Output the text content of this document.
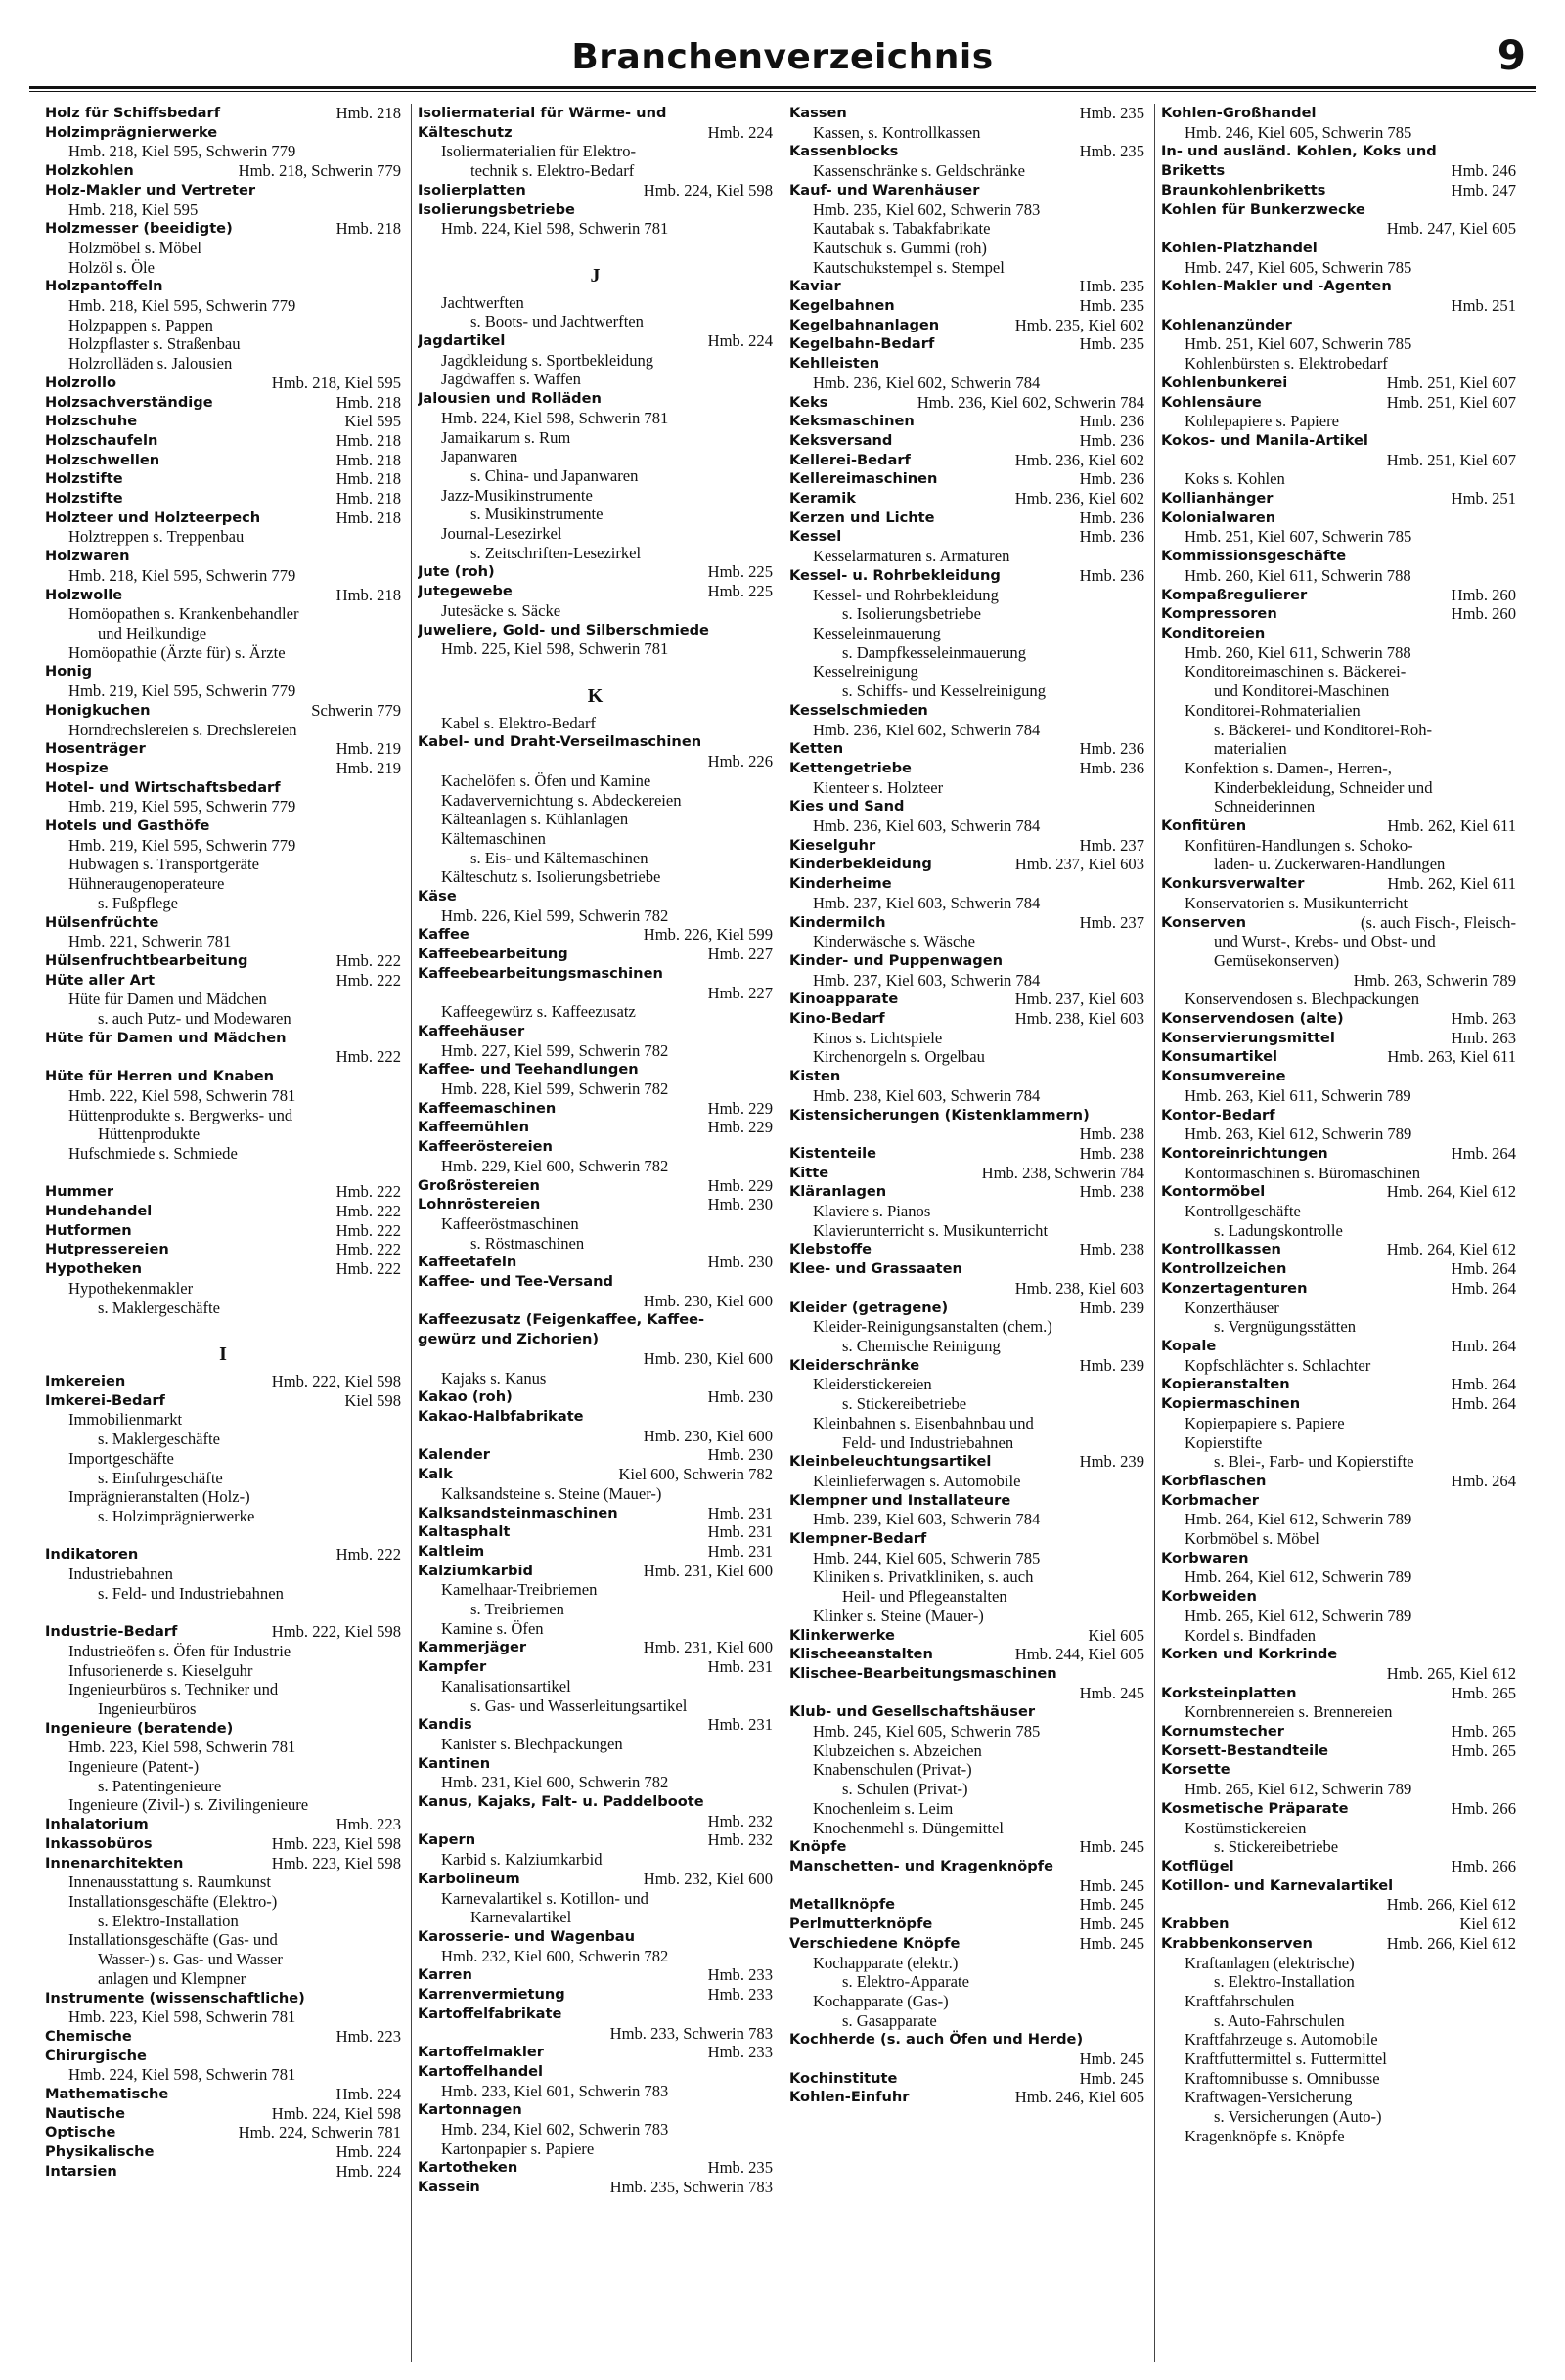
Branchenverzeichnis	9
Holz für Schiffsbedarf	Hmb. 218
Holzimprägnierwerke
Hmb. 218, Kiel 595, Schwerin 779
Holzkohlen	Hmb. 218, Schwerin 779
Holz-Makler und Vertreter
Hmb. 218, Kiel 595
Holzmesser (beeidigte)	Hmb. 218
Holzmöbel s. Möbel
Holzöl s. Öle
Holzpantoffeln
Hmb. 218, Kiel 595, Schwerin 779
Holzpappen s. Pappen
Holzpflaster s. Straßenbau
Holzrolläden s. Jalousien
Holzrollo	Hmb. 218, Kiel 595
Holzsachverständige	Hmb. 218
Holzschuhe	Kiel 595
Holzschaufeln	Hmb. 218
Holzschwellen	Hmb. 218
Holzstifte	Hmb. 218
Holzstifte	Hmb. 218
Holzteer und Holzteerpech	Hmb. 218
Holztreppen s. Treppenbau
Holzwaren
Hmb. 218, Kiel 595, Schwerin 779
Holzwolle	Hmb. 218
Homöopathen s. Krankenbehandler
und Heilkundige
Homöopathie (Ärzte für) s. Ärzte
Honig
Hmb. 219, Kiel 595, Schwerin 779
Honigkuchen	Schwerin 779
Horndrechslereien s. Drechslereien
Hosenträger	Hmb. 219
Hospize	Hmb. 219
Hotel- und Wirtschaftsbedarf
Hmb. 219, Kiel 595, Schwerin 779
Hotels und Gasthöfe
Hmb. 219, Kiel 595, Schwerin 779
Hubwagen s. Transportgeräte
Hühneraugenoperateure
s. Fußpflege
Hülsenfrüchte
Hmb. 221, Schwerin 781
Hülsenfruchtbearbeitung	Hmb. 222
Hüte aller Art	Hmb. 222
Hüte für Damen und Mädchen
s. auch Putz- und Modewaren
Hüte für Damen und Mädchen
Hmb. 222
Hüte für Herren und Knaben
Hmb. 222, Kiel 598, Schwerin 781
Hüttenprodukte s. Bergwerks- und
Hüttenprodukte
Hufschmiede s. Schmiede

Hummer	Hmb. 222
Hundehandel	Hmb. 222
Hutformen	Hmb. 222
Hutpressereien	Hmb. 222
Hypotheken	Hmb. 222
Hypothekenmakler
s. Maklergeschäfte

I
Imkereien	Hmb. 222, Kiel 598
Imkerei-Bedarf	Kiel 598
Immobilienmarkt
s. Maklergeschäfte
Importgeschäfte
s. Einfuhrgeschäfte
Imprägnieranstalten (Holz-)
s. Holzimprägnierwerke

Indikatoren	Hmb. 222
Industriebahnen
s. Feld- und Industriebahnen

Industrie-Bedarf	Hmb. 222, Kiel 598
Industrieöfen s. Öfen für Industrie
Infusorienerde s. Kieselguhr
Ingenieurbüros s. Techniker und
Ingenieurbüros
Ingenieure (beratende)
Hmb. 223, Kiel 598, Schwerin 781
Ingenieure (Patent-)
s. Patentingenieure
Ingenieure (Zivil-) s. Zivilingenieure
Inhalatorium	Hmb. 223
Inkassobüros	Hmb. 223, Kiel 598
Innenarchitekten	Hmb. 223, Kiel 598
Innenausstattung s. Raumkunst
Installationsgeschäfte (Elektro-)
s. Elektro-Installation
Installationsgeschäfte (Gas- und
Wasser-) s. Gas- und Wasser
anlagen und Klempner
Instrumente (wissenschaftliche)
Hmb. 223, Kiel 598, Schwerin 781
Chemische	Hmb. 223
Chirurgische
Hmb. 224, Kiel 598, Schwerin 781
Mathematische	Hmb. 224
Nautische	Hmb. 224, Kiel 598
Optische	Hmb. 224, Schwerin 781
Physikalische	Hmb. 224
Intarsien	Hmb. 224
Isoliermaterial für Wärme- und
Kälteschutz	Hmb. 224
Isoliermaterialien für Elektro-
technik s. Elektro-Bedarf
Isolierplatten	Hmb. 224, Kiel 598
Isolierungsbetriebe
Hmb. 224, Kiel 598, Schwerin 781

J
Jachtwerften
s. Boots- und Jachtwerften
Jagdartikel	Hmb. 224
Jagdkleidung s. Sportbekleidung
Jagdwaffen s. Waffen
Jalousien und Rolläden
Hmb. 224, Kiel 598, Schwerin 781
Jamaikarum s. Rum
Japanwaren
s. China- und Japanwaren
Jazz-Musikinstrumente
s. Musikinstrumente
Journal-Lesezirkel
s. Zeitschriften-Lesezirkel
Jute (roh)	Hmb. 225
Jutegewebe	Hmb. 225
Jutesäcke s. Säcke
Juweliere, Gold- und Silberschmiede
Hmb. 225, Kiel 598, Schwerin 781

K
Kabel s. Elektro-Bedarf
Kabel- und Draht-Verseilmaschinen
Hmb. 226
Kachelöfen s. Öfen und Kamine
Kadaververnichtung s. Abdeckereien
Kälteanlagen s. Kühlanlagen
Kältemaschinen
s. Eis- und Kältemaschinen
Kälteschutz s. Isolierungsbetriebe
Käse
Hmb. 226, Kiel 599, Schwerin 782
Kaffee	Hmb. 226, Kiel 599
Kaffeebearbeitung	Hmb. 227
Kaffeebearbeitungsmaschinen
Hmb. 227
Kaffeegewürz s. Kaffeezusatz
Kaffeehäuser
Hmb. 227, Kiel 599, Schwerin 782
Kaffee- und Teehandlungen
Hmb. 228, Kiel 599, Schwerin 782
Kaffeemaschinen	Hmb. 229
Kaffeemühlen	Hmb. 229
Kaffeeröstereien
Hmb. 229, Kiel 600, Schwerin 782
Großröstereien	Hmb. 229
Lohnröstereien	Hmb. 230
Kaffeeröstmaschinen
s. Röstmaschinen
Kaffeetafeln	Hmb. 230
Kaffee- und Tee-Versand
Hmb. 230, Kiel 600
Kaffeezusatz (Feigenkaffee, Kaffee-
gewürz und Zichorien)
Hmb. 230, Kiel 600
Kajaks s. Kanus
Kakao (roh)	Hmb. 230
Kakao-Halbfabrikate
Hmb. 230, Kiel 600
Kalender	Hmb. 230
Kalk	Kiel 600, Schwerin 782
Kalksandsteine s. Steine (Mauer-)
Kalksandsteinmaschinen	Hmb. 231
Kaltasphalt	Hmb. 231
Kaltleim	Hmb. 231
Kalziumkarbid	Hmb. 231, Kiel 600
Kamelhaar-Treibriemen
s. Treibriemen
Kamine s. Öfen
Kammerjäger	Hmb. 231, Kiel 600
Kampfer	Hmb. 231
Kanalisationsartikel
s. Gas- und Wasserleitungsartikel
Kandis	Hmb. 231
Kanister s. Blechpackungen
Kantinen
Hmb. 231, Kiel 600, Schwerin 782
Kanus, Kajaks, Falt- u. Paddelboote
Hmb. 232
Kapern	Hmb. 232
Karbid s. Kalziumkarbid
Karbolineum	Hmb. 232, Kiel 600
Karnevalartikel s. Kotillon- und
Karnevalartikel
Karosserie- und Wagenbau
Hmb. 232, Kiel 600, Schwerin 782
Karren	Hmb. 233
Karrenvermietung	Hmb. 233
Kartoffelfabrikate
Hmb. 233, Schwerin 783
Kartoffelmakler	Hmb. 233
Kartoffelhandel
Hmb. 233, Kiel 601, Schwerin 783
Kartonnagen
Hmb. 234, Kiel 602, Schwerin 783
Kartonpapier s. Papiere
Kartotheken	Hmb. 235
Kassein	Hmb. 235, Schwerin 783
Kassen	Hmb. 235
Kassen, s. Kontrollkassen
Kassenblocks	Hmb. 235
Kassenschränke s. Geldschränke
Kauf- und Warenhäuser
Hmb. 235, Kiel 602, Schwerin 783
Kautabak s. Tabakfabrikate
Kautschuk s. Gummi (roh)
Kautschukstempel s. Stempel
Kaviar	Hmb. 235
Kegelbahnen	Hmb. 235
Kegelbahnanlagen	Hmb. 235, Kiel 602
Kegelbahn-Bedarf	Hmb. 235
Kehlleisten
Hmb. 236, Kiel 602, Schwerin 784
Keks	Hmb. 236, Kiel 602, Schwerin 784
Keksmaschinen	Hmb. 236
Keksversand	Hmb. 236
Kellerei-Bedarf	Hmb. 236, Kiel 602
Kellereimaschinen	Hmb. 236
Keramik	Hmb. 236, Kiel 602
Kerzen und Lichte	Hmb. 236
Kessel	Hmb. 236
Kesselarmaturen s. Armaturen
Kessel- u. Rohrbekleidung	Hmb. 236
Kessel- und Rohrbekleidung
s. Isolierungsbetriebe
Kesseleinmauerung
s. Dampfkesseleinmauerung
Kesselreinigung
s. Schiffs- und Kesselreinigung
Kesselschmieden
Hmb. 236, Kiel 602, Schwerin 784
Ketten	Hmb. 236
Kettengetriebe	Hmb. 236
Kienteer s. Holzteer
Kies und Sand
Hmb. 236, Kiel 603, Schwerin 784
Kieselguhr	Hmb. 237
Kinderbekleidung	Hmb. 237, Kiel 603
Kinderheime
Hmb. 237, Kiel 603, Schwerin 784
Kindermilch	Hmb. 237
Kinderwäsche s. Wäsche
Kinder- und Puppenwagen
Hmb. 237, Kiel 603, Schwerin 784
Kinoapparate	Hmb. 237, Kiel 603
Kino-Bedarf	Hmb. 238, Kiel 603
Kinos s. Lichtspiele
Kirchenorgeln s. Orgelbau
Kisten
Hmb. 238, Kiel 603, Schwerin 784
Kistensicherungen (Kistenklammern)
Hmb. 238
Kistenteile	Hmb. 238
Kitte	Hmb. 238, Schwerin 784
Kläranlagen	Hmb. 238
Klaviere s. Pianos
Klavierunterricht s. Musikunterricht
Klebstoffe	Hmb. 238
Klee- und Grassaaten
Hmb. 238, Kiel 603
Kleider (getragene)	Hmb. 239
Kleider-Reinigungsanstalten (chem.)
s. Chemische Reinigung
Kleiderschränke	Hmb. 239
Kleiderstickereien
s. Stickereibetriebe
Kleinbahnen s. Eisenbahnbau und
Feld- und Industriebahnen
Kleinbeleuchtungsartikel	Hmb. 239
Kleinlieferwagen s. Automobile
Klempner und Installateure
Hmb. 239, Kiel 603, Schwerin 784
Klempner-Bedarf
Hmb. 244, Kiel 605, Schwerin 785
Kliniken s. Privatkliniken, s. auch
Heil- und Pflegeanstalten
Klinker s. Steine (Mauer-)
Klinkerwerke	Kiel 605
Klischeeanstalten	Hmb. 244, Kiel 605
Klischee-Bearbeitungsmaschinen
Hmb. 245
Klub- und Gesellschaftshäuser
Hmb. 245, Kiel 605, Schwerin 785
Klubzeichen s. Abzeichen
Knabenschulen (Privat-)
s. Schulen (Privat-)
Knochenleim s. Leim
Knochenmehl s. Düngemittel
Knöpfe	Hmb. 245
Manschetten- und Kragenknöpfe
Hmb. 245
Metallknöpfe	Hmb. 245
Perlmutterknöpfe	Hmb. 245
Verschiedene Knöpfe	Hmb. 245
Kochapparate (elektr.)
s. Elektro-Apparate
Kochapparate (Gas-)
s. Gasapparate
Kochherde (s. auch Öfen und Herde)
Hmb. 245
Kochinstitute	Hmb. 245
Kohlen-Einfuhr	Hmb. 246, Kiel 605
Kohlen-Großhandel
Hmb. 246, Kiel 605, Schwerin 785
In- und ausländ. Kohlen, Koks und
Briketts	Hmb. 246
Braunkohlenbriketts	Hmb. 247
Kohlen für Bunkerzwecke
Hmb. 247, Kiel 605
Kohlen-Platzhandel
Hmb. 247, Kiel 605, Schwerin 785
Kohlen-Makler und -Agenten
Hmb. 251
Kohlenanzünder
Hmb. 251, Kiel 607, Schwerin 785
Kohlenbürsten s. Elektrobedarf
Kohlenbunkerei	Hmb. 251, Kiel 607
Kohlensäure	Hmb. 251, Kiel 607
Kohlepapiere s. Papiere
Kokos- und Manila-Artikel
Hmb. 251, Kiel 607
Koks s. Kohlen
Kollianhänger	Hmb. 251
Kolonialwaren
Hmb. 251, Kiel 607, Schwerin 785
Kommissionsgeschäfte
Hmb. 260, Kiel 611, Schwerin 788
Kompaßregulierer	Hmb. 260
Kompressoren	Hmb. 260
Konditoreien
Hmb. 260, Kiel 611, Schwerin 788
Konditoreimaschinen s. Bäckerei-
und Konditorei-Maschinen
Konditorei-Rohmaterialien
s. Bäckerei- und Konditorei-Roh-
materialien
Konfektion s. Damen-, Herren-,
Kinderbekleidung, Schneider und
Schneiderinnen
Konfitüren	Hmb. 262, Kiel 611
Konfitüren-Handlungen s. Schoko-
laden- u. Zuckerwaren-Handlungen
Konkursverwalter	Hmb. 262, Kiel 611
Konservatorien s. Musikunterricht
Konserven	(s. auch Fisch-, Fleisch-
und Wurst-, Krebs- und Obst- und
Gemüsekonserven)
Hmb. 263, Schwerin 789
Konservendosen s. Blechpackungen
Konservendosen (alte)	Hmb. 263
Konservierungsmittel	Hmb. 263
Konsumartikel	Hmb. 263, Kiel 611
Konsumvereine
Hmb. 263, Kiel 611, Schwerin 789
Kontor-Bedarf
Hmb. 263, Kiel 612, Schwerin 789
Kontoreinrichtungen	Hmb. 264
Kontormaschinen s. Büromaschinen
Kontormöbel	Hmb. 264, Kiel 612
Kontrollgeschäfte
s. Ladungskontrolle
Kontrollkassen	Hmb. 264, Kiel 612
Kontrollzeichen	Hmb. 264
Konzertagenturen	Hmb. 264
Konzerthäuser
s. Vergnügungsstätten
Kopale	Hmb. 264
Kopfschlächter s. Schlachter
Kopieranstalten	Hmb. 264
Kopiermaschinen	Hmb. 264
Kopierpapiere s. Papiere
Kopierstifte
s. Blei-, Farb- und Kopierstifte
Korbflaschen	Hmb. 264
Korbmacher
Hmb. 264, Kiel 612, Schwerin 789
Korbmöbel s. Möbel
Korbwaren
Hmb. 264, Kiel 612, Schwerin 789
Korbweiden
Hmb. 265, Kiel 612, Schwerin 789
Kordel s. Bindfaden
Korken und Korkrinde
Hmb. 265, Kiel 612
Korksteinplatten	Hmb. 265
Kornbrennereien s. Brennereien
Kornumstecher	Hmb. 265
Korsett-Bestandteile	Hmb. 265
Korsette
Hmb. 265, Kiel 612, Schwerin 789
Kosmetische Präparate	Hmb. 266
Kostümstickereien
s. Stickereibetriebe
Kotflügel	Hmb. 266
Kotillon- und Karnevalartikel
Hmb. 266, Kiel 612
Krabben	Kiel 612
Krabbenkonserven	Hmb. 266, Kiel 612
Kraftanlagen (elektrische)
s. Elektro-Installation
Kraftfahrschulen
s. Auto-Fahrschulen
Kraftfahrzeuge s. Automobile
Kraftfuttermittel s. Futtermittel
Kraftomnibusse s. Omnibusse
Kraftwagen-Versicherung
s. Versicherungen (Auto-)
Kragenknöpfe s. Knöpfe
